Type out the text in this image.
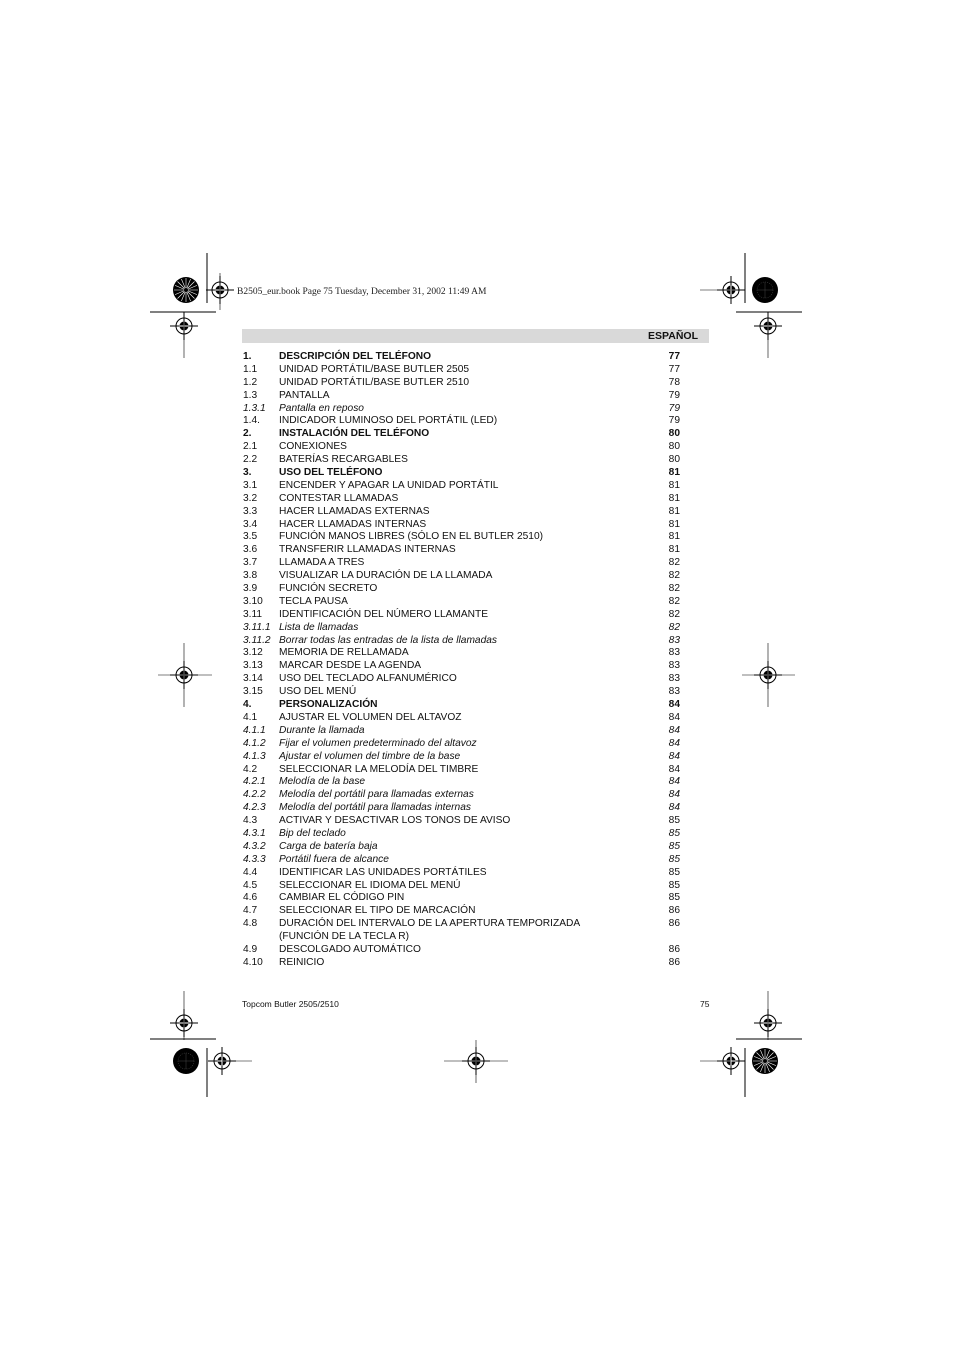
B2505_eur.book Page 75 Tuesday, December 31, 2002 11:49 AM
ESPAÑOL
1.	DESCRIPCIÓN DEL TELÉFONO	77
1.1 UNIDAD PORTÁTIL/BASE BUTLER 2505	77
1.2 UNIDAD PORTÁTIL/BASE BUTLER 2510	78
1.3 PANTALLA	79
1.3.1 Pantalla en reposo	79
1.4. INDICADOR LUMINOSO DEL PORTÁTIL (LED)	79
2.	INSTALACIÓN DEL TELÉFONO	80
2.1 CONEXIONES	80
2.2 BATERÍAS RECARGABLES	80
3.	USO DEL TELÉFONO	81
3.1 ENCENDER Y APAGAR LA UNIDAD PORTÁTIL	81
3.2 CONTESTAR LLAMADAS	81
3.3 HACER LLAMADAS EXTERNAS	81
3.4 HACER LLAMADAS INTERNAS	81
3.5 FUNCIÓN MANOS LIBRES (SÓLO EN EL BUTLER 2510)	81
3.6 TRANSFERIR LLAMADAS INTERNAS	81
3.7 LLAMADA A TRES	82
3.8 VISUALIZAR LA DURACIÓN DE LA LLAMADA	82
3.9 FUNCIÓN SECRETO	82
3.10 TECLA PAUSA	82
3.11 IDENTIFICACIÓN DEL NÚMERO LLAMANTE	82
3.11.1 Lista de llamadas	82
3.11.2 Borrar todas las entradas de la lista de llamadas	83
3.12 MEMORIA DE RELLAMADA	83
3.13 MARCAR DESDE LA AGENDA	83
3.14 USO DEL TECLADO ALFANUMÉRICO	83
3.15 USO DEL MENÚ	83
4.	PERSONALIZACIÓN	84
4.1 AJUSTAR EL VOLUMEN DEL ALTAVOZ	84
4.1.1 Durante la llamada	84
4.1.2 Fijar el volumen predeterminado del altavoz	84
4.1.3 Ajustar el volumen del timbre de la base	84
4.2 SELECCIONAR LA MELODÍA DEL TIMBRE	84
4.2.1 Melodía de la base	84
4.2.2 Melodía del portátil para llamadas externas	84
4.2.3 Melodía del portátil para llamadas internas	84
4.3 ACTIVAR Y DESACTIVAR LOS TONOS DE AVISO	85
4.3.1 Bip del teclado	85
4.3.2 Carga de batería baja	85
4.3.3 Portátil fuera de alcance	85
4.4 IDENTIFICAR LAS UNIDADES PORTÁTILES	85
4.5 SELECCIONAR EL IDIOMA DEL MENÚ	85
4.6 CAMBIAR EL CÓDIGO PIN	85
4.7 SELECCIONAR EL TIPO DE MARCACIÓN	86
4.8 DURACIÓN DEL INTERVALO DE LA APERTURA TEMPORIZADA	86
(FUNCIÓN DE LA TECLA R)
4.9 DESCOLGADO AUTOMÁTICO	86
4.10 REINICIO	86
Topcom Butler 2505/2510	75
